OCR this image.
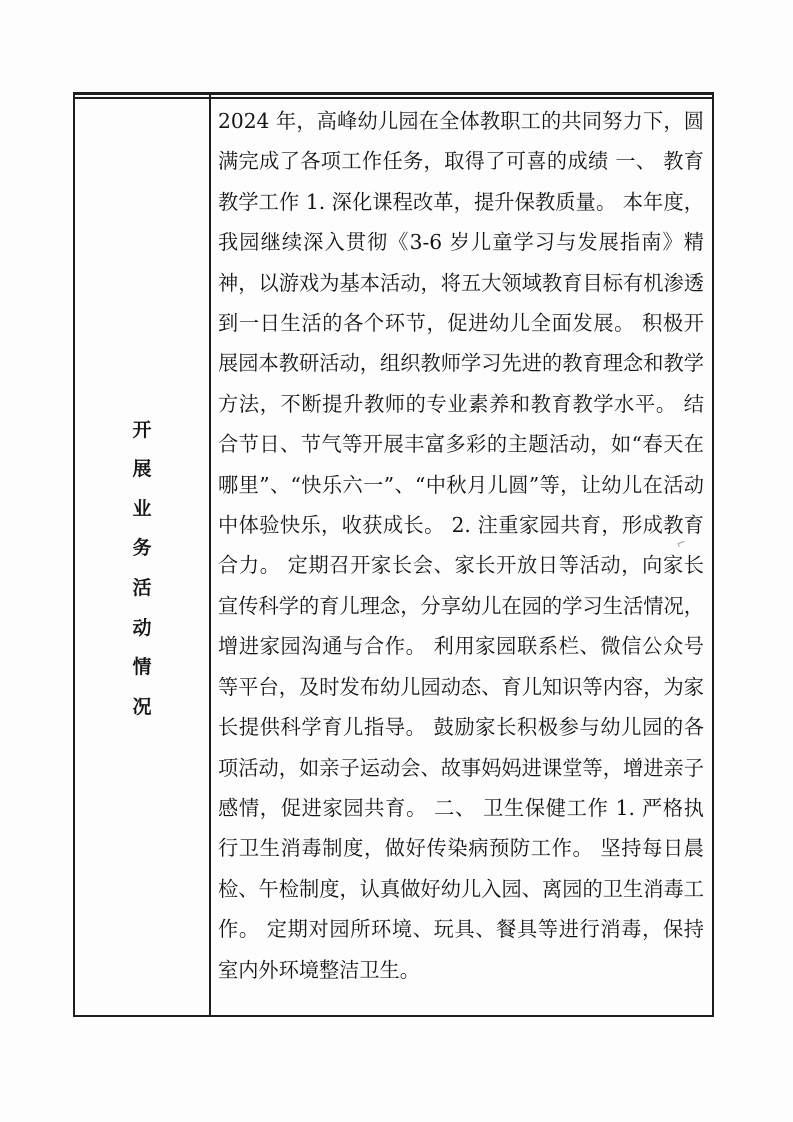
开展业务活动情况	2024 年，高峰幼儿园在全体教职工的共同努力下，圆满完成了各项工作任务，取得了可喜的成绩 一、 教育教学工作 1. 深化课程改革，提升保教质量。 本年度，我园继续深入贯彻《3-6 岁儿童学习与发展指南》精神，以游戏为基本活动，将五大领域教育目标有机渗透到一日生活的各个环节，促进幼儿全面发展。 积极开展园本教研活动，组织教师学习先进的教育理念和教学方法，不断提升教师的专业素养和教育教学水平。 结合节日、节气等开展丰富多彩的主题活动，如“春天在哪里”、“快乐六一”、“中秋月儿圆”等，让幼儿在活动中体验快乐，收获成长。 2. 注重家园共育，形成教育合力。 定期召开家长会、家长开放日等活动，向家长宣传科学的育儿理念，分享幼儿在园的学习生活情况，增进家园沟通与合作。 利用家园联系栏、微信公众号等平台，及时发布幼儿园动态、育儿知识等内容，为家长提供科学育儿指导。 鼓励家长积极参与幼儿园的各项活动，如亲子运动会、故事妈妈进课堂等，增进亲子感情，促进家园共育。 二、 卫生保健工作 1. 严格执行卫生消毒制度，做好传染病预防工作。 坚持每日晨检、午检制度，认真做好幼儿入园、离园的卫生消毒工作。 定期对园所环境、玩具、餐具等进行消毒，保持室内外环境整洁卫生。
